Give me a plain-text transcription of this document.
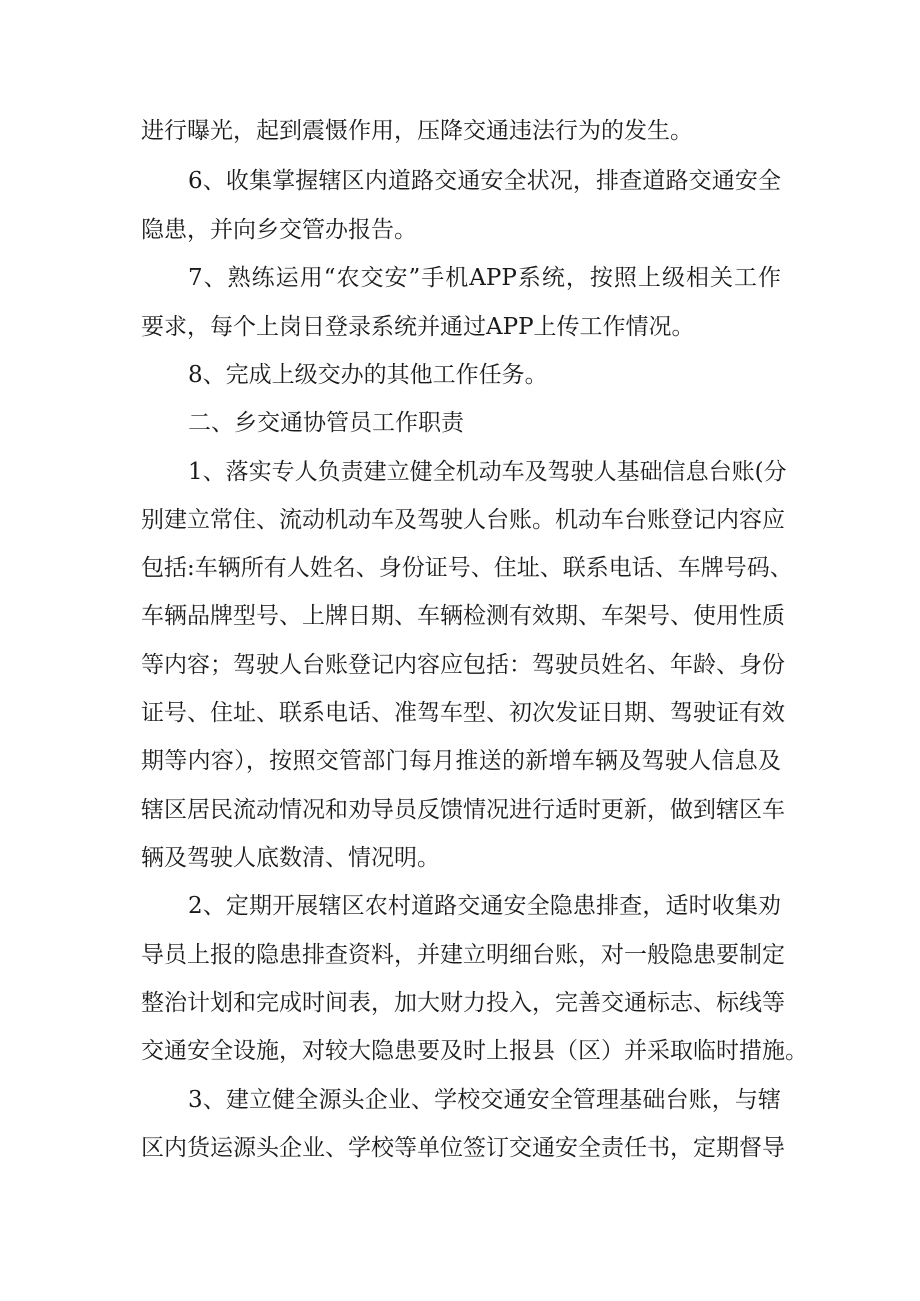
进行曝光，起到震慑作用，压降交通违法行为的发生。
6、收集掌握辖区内道路交通安全状况，排查道路交通安全
隐患，并向乡交管办报告。
7、熟练运用“农交安”手机APP系统，按照上级相关工作
要求，每个上岗日登录系统并通过APP上传工作情况。
8、完成上级交办的其他工作任务。
二、乡交通协管员工作职责
1、落实专人负责建立健全机动车及驾驶人基础信息台账(分
别建立常住、流动机动车及驾驶人台账。机动车台账登记内容应
包括:车辆所有人姓名、身份证号、住址、联系电话、车牌号码、
车辆品牌型号、上牌日期、车辆检测有效期、车架号、使用性质
等内容；驾驶人台账登记内容应包括：驾驶员姓名、年龄、身份
证号、住址、联系电话、准驾车型、初次发证日期、驾驶证有效
期等内容），按照交管部门每月推送的新增车辆及驾驶人信息及
辖区居民流动情况和劝导员反馈情况进行适时更新，做到辖区车
辆及驾驶人底数清、情况明。
2、定期开展辖区农村道路交通安全隐患排查，适时收集劝
导员上报的隐患排查资料，并建立明细台账，对一般隐患要制定
整治计划和完成时间表，加大财力投入，完善交通标志、标线等
交通安全设施，对较大隐患要及时上报县（区）并采取临时措施。
3、建立健全源头企业、学校交通安全管理基础台账，与辖
区内货运源头企业、学校等单位签订交通安全责任书，定期督导
